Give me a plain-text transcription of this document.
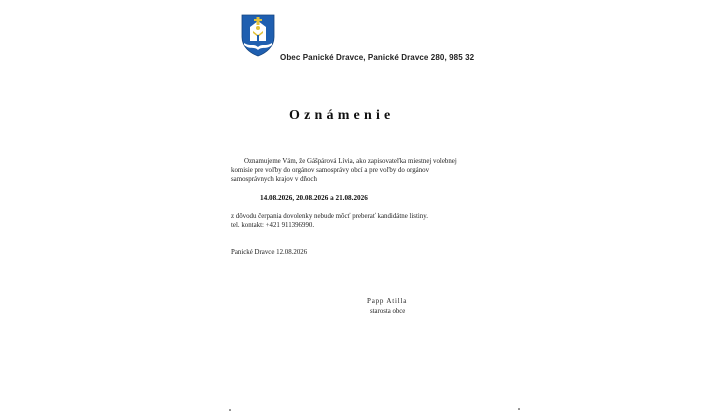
Obec Panické Dravce, Panické Dravce 280, 985 32
Oznámenie
Oznamujeme Vám, že Gášpárová Lívia, ako zapisovateľka miestnej volebnej
komisie pre voľby do orgánov samosprávy obcí a pre voľby do orgánov
samosprávnych krajov v dňoch
14.08.2026, 20.08.2026 a 21.08.2026
z dôvodu čerpania dovolenky nebude môcť preberať kandidátne listiny.
tel. kontakt: +421 911396990.
Panické Dravce 12.08.2026
Papp Atilla
starosta obce
